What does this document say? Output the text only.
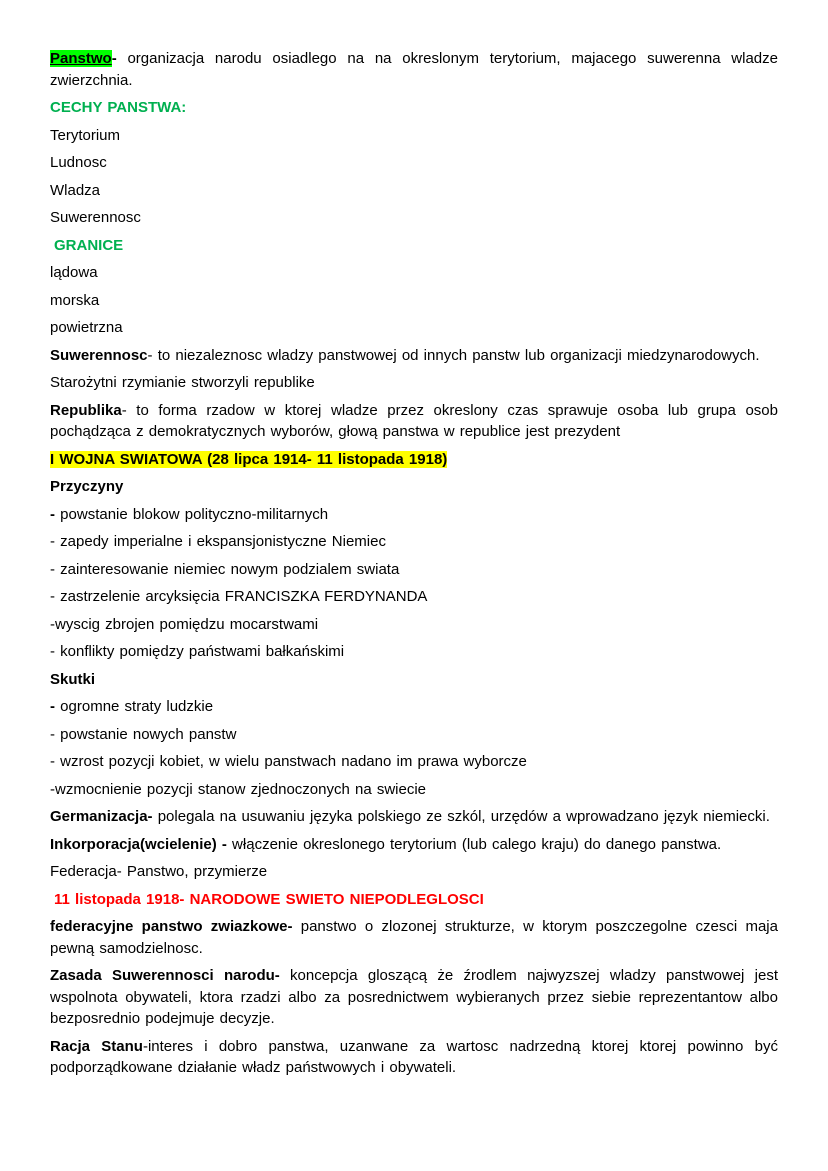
Panstwo- organizacja narodu osiadlego na na okreslonym terytorium, majacego suwerenna wladze zwierzchnia.

CECHY PANSTWA:

Terytorium

Ludnosc

Wladza

Suwerennosc

GRANICE

lądowa

morska

powietrzna

Suwerennosc- to niezaleznosc wladzy panstwowej od innych panstw lub organizacji miedzynarodowych.

Starożytni rzymianie stworzyli republike

Republika- to forma rzadow w ktorej wladze przez okreslony czas sprawuje osoba lub grupa osob pochądząca z demokratycznych wyborów, głową panstwa w republice jest prezydent

I WOJNA SWIATOWA (28 lipca 1914- 11 listopada 1918)

Przyczyny

- powstanie blokow polityczno-militarnych

- zapedy imperialne i ekspansjonistyczne Niemiec

- zainteresowanie niemiec nowym podzialem swiata

- zastrzelenie arcyksięcia FRANCISZKA FERDYNANDA

-wyscig zbrojen pomiędzu mocarstwami

- konflikty pomiędzy państwami bałkańskimi

Skutki

- ogromne straty ludzkie

- powstanie nowych panstw

- wzrost pozycji kobiet, w wielu panstwach nadano im prawa wyborcze

-wzmocnienie pozycji stanow zjednoczonych na swiecie

Germanizacja- polegala na usuwaniu języka polskiego ze szkól, urzędów a wprowadzano język niemiecki.

Inkorporacja(wcielenie) - włączenie okreslonego terytorium (lub calego kraju) do danego panstwa.

Federacja- Panstwo, przymierze

11 listopada 1918- NARODOWE SWIETO NIEPODLEGLOSCI

federacyjne panstwo zwiazkowe- panstwo o zlozonej strukturze, w ktorym poszczegolne czesci maja pewną samodzielnosc.

Zasada Suwerennosci narodu- koncepcja gloszącą że źrodlem najwyzszej wladzy panstwowej jest wspolnota obywateli, ktora rzadzi albo za posrednictwem wybieranych przez siebie reprezentantow albo bezposrednio podejmuje decyzje.

Racja Stanu-interes i dobro panstwa, uzanwane za wartosc nadrzedną ktorej ktorej powinno być podporządkowane działanie władz państwowych i obywateli.
